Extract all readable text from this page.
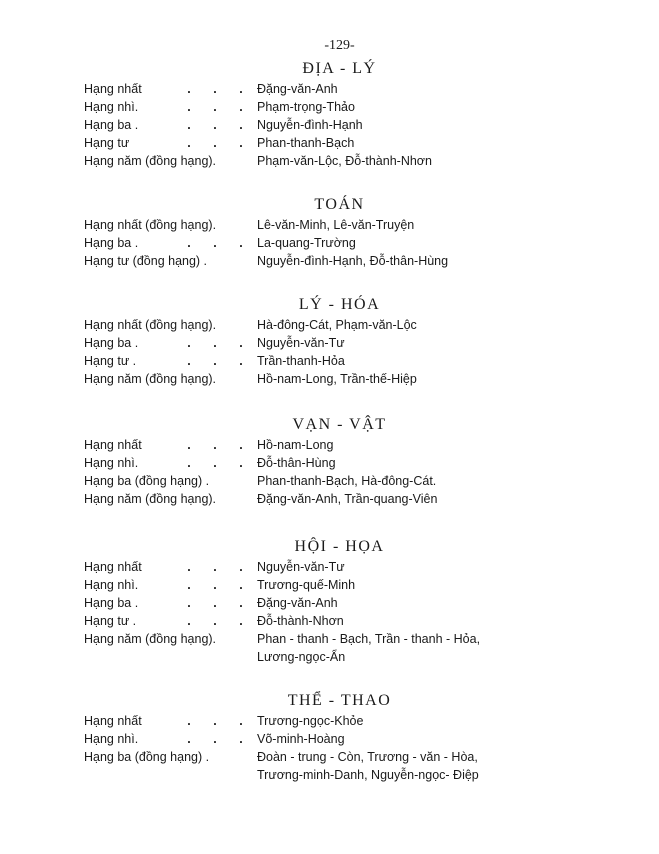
-129-
ĐỊA - LÝ
Hạng nhất	. . .	Đặng-văn-Anh
Hạng nhì.	. . .	Phạm-trọng-Thảo
Hạng ba .	. . .	Nguyễn-đình-Hạnh
Hạng tư	. . .	Phan-thanh-Bạch
Hạng năm (đồng hạng).	Phạm-văn-Lộc, Đỗ-thành-Nhơn
TOÁN
Hạng nhất (đồng hạng).	Lê-văn-Minh, Lê-văn-Truyện
Hạng ba .	. . .	La-quang-Trường
Hạng tư (đồng hạng) .	Nguyễn-đình-Hạnh, Đỗ-thân-Hùng
LÝ - HÓA
Hạng nhất (đồng hạng).	Hà-đông-Cát, Phạm-văn-Lộc
Hạng ba .	. . .	Nguyễn-văn-Tư
Hạng tư .	. . .	Trần-thanh-Hỏa
Hạng năm (đồng hạng).	Hồ-nam-Long, Trần-thế-Hiệp
VẠN - VẬT
Hạng nhất	. . .	Hồ-nam-Long
Hạng nhì.	. . .	Đỗ-thân-Hùng
Hạng ba (đồng hạng) .	Phan-thanh-Bạch, Hà-đông-Cát.
Hạng năm (đồng hạng).	Đặng-văn-Anh, Trần-quang-Viên
HỘI - HỌA
Hạng nhất	. . .	Nguyễn-văn-Tư
Hạng nhì.	. . .	Trương-quế-Minh
Hạng ba .	. . .	Đặng-văn-Anh
Hạng tư .	. . .	Đỗ-thành-Nhơn
Hạng năm (đồng hạng).	Phan - thanh - Bạch, Trần - thanh - Hỏa,
Lương-ngọc-Ẩn
THỂ - THAO
Hạng nhất	. . .	Trương-ngọc-Khỏe
Hạng nhì.	. . .	Võ-minh-Hoàng
Hạng ba (đồng hạng) .	Đoàn - trung - Còn, Trương - văn - Hòa,
Trương-minh-Danh, Nguyễn-ngọc- Điệp
